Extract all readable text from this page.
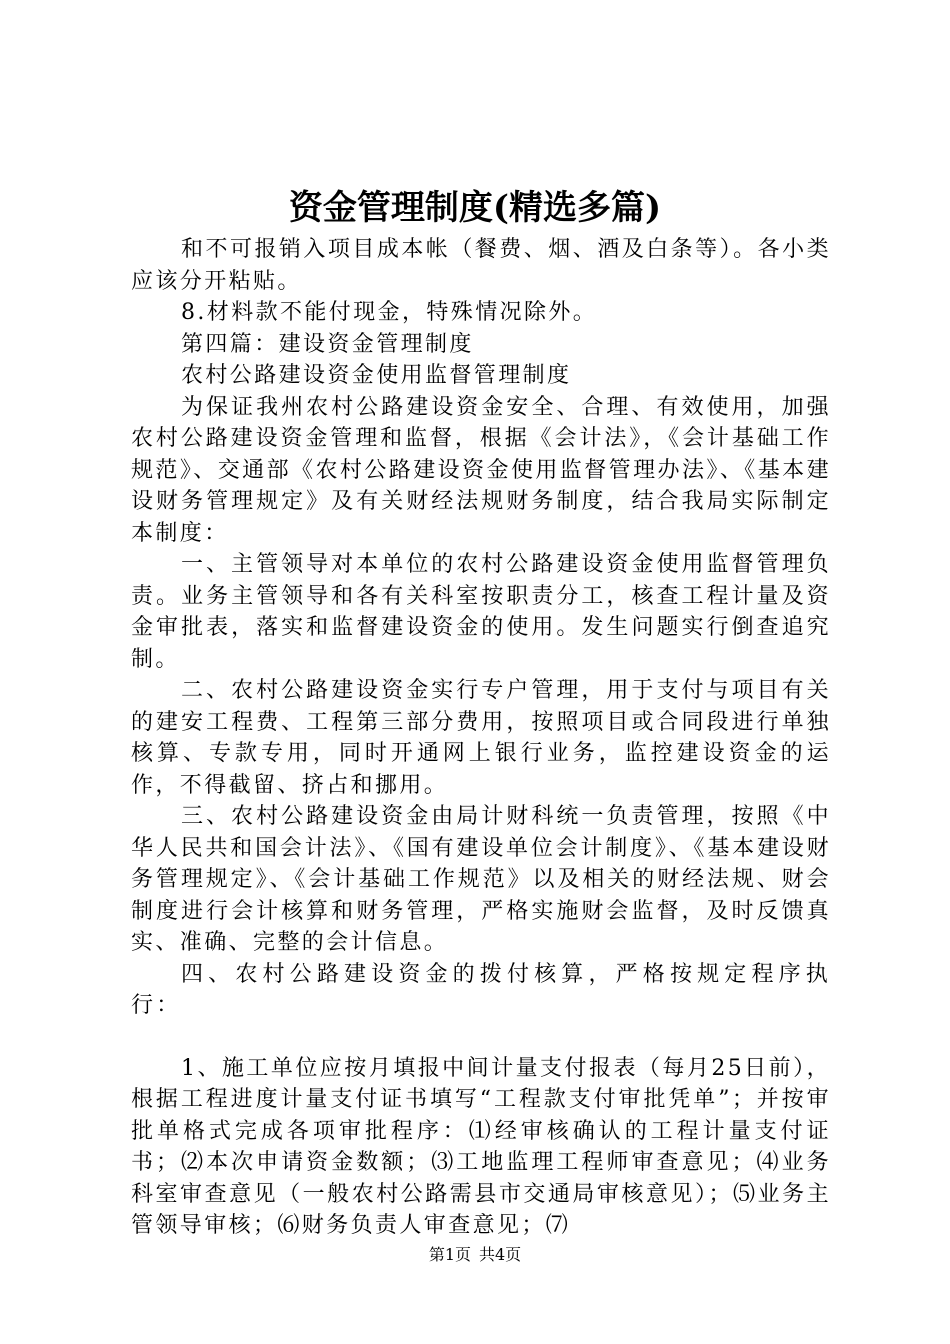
资金管理制度(精选多篇)

和不可报销入项目成本帐（餐费、烟、酒及白条等）。各小类应该分开粘贴。

8.材料款不能付现金，特殊情况除外。

第四篇：建设资金管理制度

农村公路建设资金使用监督管理制度

为保证我州农村公路建设资金安全、合理、有效使用，加强农村公路建设资金管理和监督，根据《会计法》，《会计基础工作规范》、交通部《农村公路建设资金使用监督管理办法》、《基本建设财务管理规定》及有关财经法规财务制度，结合我局实际制定本制度：

一、主管领导对本单位的农村公路建设资金使用监督管理负责。业务主管领导和各有关科室按职责分工，核查工程计量及资金审批表，落实和监督建设资金的使用。发生问题实行倒查追究制。

二、农村公路建设资金实行专户管理，用于支付与项目有关的建安工程费、工程第三部分费用，按照项目或合同段进行单独核算、专款专用，同时开通网上银行业务，监控建设资金的运作，不得截留、挤占和挪用。

三、农村公路建设资金由局计财科统一负责管理，按照《中华人民共和国会计法》、《国有建设单位会计制度》、《基本建设财务管理规定》、《会计基础工作规范》以及相关的财经法规、财会制度进行会计核算和财务管理，严格实施财会监督，及时反馈真实、准确、完整的会计信息。

四、农村公路建设资金的拨付核算，严格按规定程序执行：

1、施工单位应按月填报中间计量支付报表（每月25日前），根据工程进度计量支付证书填写“工程款支付审批凭单”；并按审批单格式完成各项审批程序：⑴经审核确认的工程计量支付证书；⑵本次申请资金数额；⑶工地监理工程师审查意见；⑷业务科室审查意见（一般农村公路需县市交通局审核意见）；⑸业务主管领导审核；⑹财务负责人审查意见；⑺

第1页 共4页
